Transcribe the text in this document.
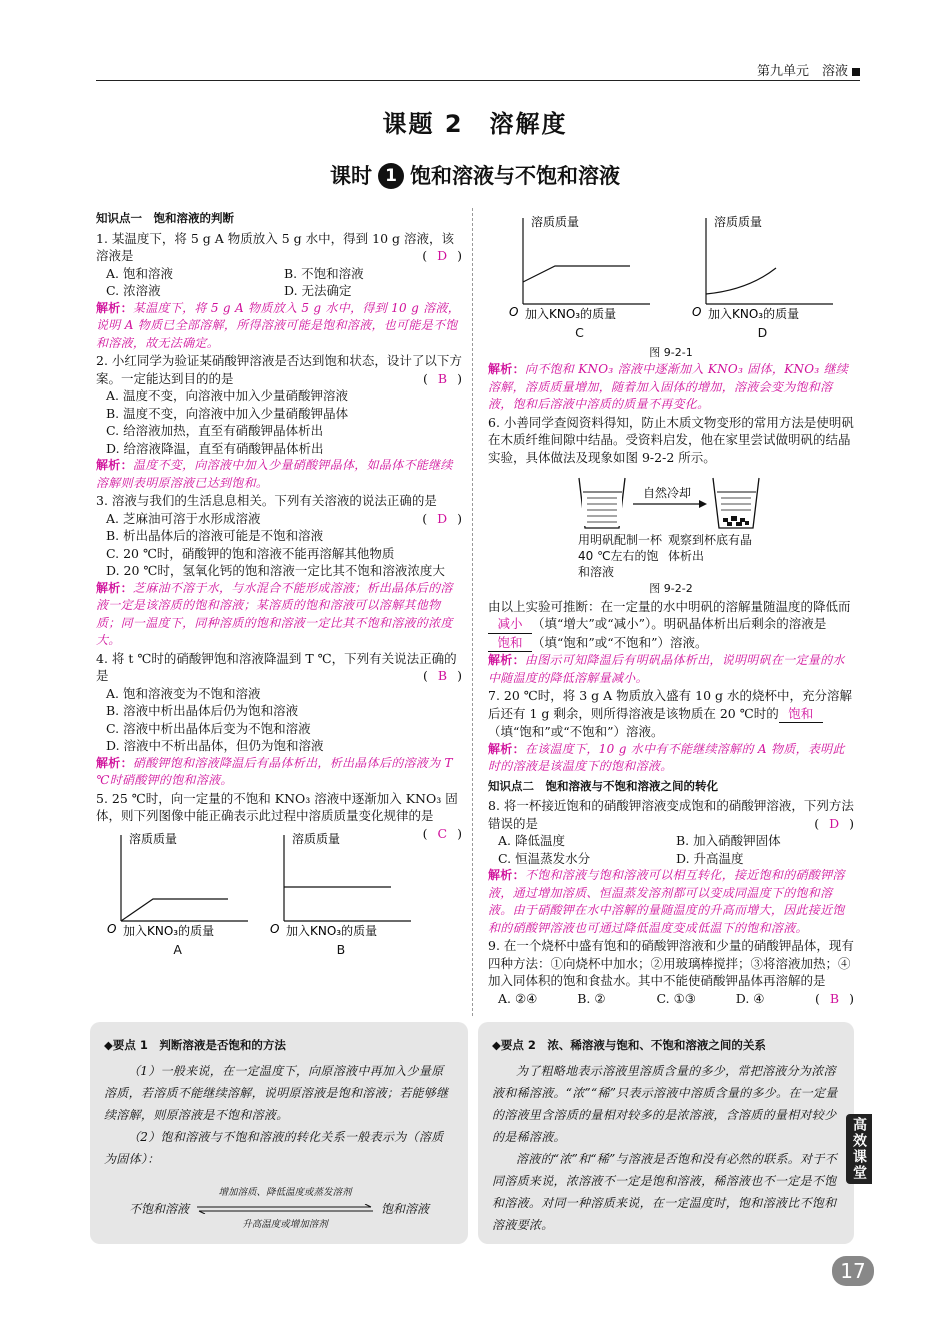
第九单元　 溶液
课题 2　溶解度
课时 1 饱和溶液与不饱和溶液
知识点一　饱和溶液的判断
1. 某温度下，将 5 g A 物质放入 5 g 水中，得到 10 g 溶液，该溶液是	( D )
A. 饱和溶液	B. 不饱和溶液
C. 浓溶液	D. 无法确定
解析：某温度下，将 5 g A 物质放入 5 g 水中，得到 10 g 溶液，说明 A 物质已全部溶解，所得溶液可能是饱和溶液，也可能是不饱和溶液，故无法确定。
2. 小红同学为验证某硝酸钾溶液是否达到饱和状态，设计了以下方案。一定能达到目的的是	( B )
A. 温度不变，向溶液中加入少量硝酸钾溶液
B. 温度不变，向溶液中加入少量硝酸钾晶体
C. 给溶液加热，直至有硝酸钾晶体析出
D. 给溶液降温，直至有硝酸钾晶体析出
解析：温度不变，向溶液中加入少量硝酸钾晶体，如晶体不能继续溶解则表明原溶液已达到饱和。
3. 溶液与我们的生活息息相关。下列有关溶液的说法正确的是
( D )
A. 芝麻油可溶于水形成溶液
B. 析出晶体后的溶液可能是不饱和溶液
C. 20 ℃时，硝酸钾的饱和溶液不能再溶解其他物质
D. 20 ℃时，氢氧化钙的饱和溶液一定比其不饱和溶液浓度大
解析：芝麻油不溶于水，与水混合不能形成溶液；析出晶体后的溶液一定是该溶质的饱和溶液；某溶质的饱和溶液可以溶解其他物质；同一温度下，同种溶质的饱和溶液一定比其不饱和溶液的浓度大。
4. 将 t ℃时的硝酸钾饱和溶液降温到 T ℃，下列有关说法正确的是	( B )
A. 饱和溶液变为不饱和溶液
B. 溶液中析出晶体后仍为饱和溶液
C. 溶液中析出晶体后变为不饱和溶液
D. 溶液中不析出晶体，但仍为饱和溶液
解析：硝酸钾饱和溶液降温后有晶体析出，析出晶体后的溶液为 T ℃时硝酸钾的饱和溶液。
5. 25 ℃时，向一定量的不饱和 KNO₃ 溶液中逐渐加入 KNO₃ 固体，则下列图像中能正确表示此过程中溶质质量变化规律的是
( C )
溶质质量
O 加入KNO₃的质量
A
溶质质量
O 加入KNO₃的质量
B
溶质质量
O 加入KNO₃的质量
C
溶质质量
O 加入KNO₃的质量
D
图 9-2-1
解析：向不饱和 KNO₃ 溶液中逐渐加入 KNO₃ 固体，KNO₃ 继续溶解，溶质质量增加，随着加入固体的增加，溶液会变为饱和溶液，饱和后溶液中溶质的质量不再变化。
6. 小善同学查阅资料得知，防止木质文物变形的常用方法是使明矾在木质纤维间隙中结晶。受资料启发，他在家里尝试做明矾的结晶实验，具体做法及现象如图 9-2-2 所示。
自然冷却
用明矾配制一杯 40 ℃左右的饱和溶液
观察到杯底有晶体析出
图 9-2-2
由以上实验可推断：在一定量的水中明矾的溶解量随温度的降低而减小 （填“增大”或“减小”）。明矾晶体析出后剩余的溶液是饱和 （填“饱和”或“不饱和”）溶液。
解析：由图示可知降温后有明矾晶体析出，说明明矾在一定量的水中随温度的降低溶解量减小。
7. 20 ℃时，将 3 g A 物质放入盛有 10 g 水的烧杯中，充分溶解后还有 1 g 剩余，则所得溶液是该物质在 20 ℃时的 饱和（填“饱和”或“不饱和”）溶液。
解析：在该温度下，10 g 水中有不能继续溶解的 A 物质，表明此时的溶液是该温度下的饱和溶液。
知识点二　饱和溶液与不饱和溶液之间的转化
8. 将一杯接近饱和的硝酸钾溶液变成饱和的硝酸钾溶液，下列方法错误的是	( D )
A. 降低温度	B. 加入硝酸钾固体
C. 恒温蒸发水分	D. 升高温度
解析：不饱和溶液与饱和溶液可以相互转化，接近饱和的硝酸钾溶液，通过增加溶质、恒温蒸发溶剂都可以变成同温度下的饱和溶液。由于硝酸钾在水中溶解的量随温度的升高而增大，因此接近饱和的硝酸钾溶液也可通过降低温度变成低温下的饱和溶液。
9. 在一个烧杯中盛有饱和的硝酸钾溶液和少量的硝酸钾晶体，现有四种方法：①向烧杯中加水；②用玻璃棒搅拌；③将溶液加热；④加入同体积的饱和食盐水。其中不能使硝酸钾晶体再溶解的是
( B )
A. ②④	B. ②	C. ①③	D. ④
◆要点 1　判断溶液是否饱和的方法

（1）一般来说，在一定温度下，向原溶液中再加入少量原溶质，若溶质不能继续溶解，说明原溶液是饱和溶液；若能够继续溶解，则原溶液是不饱和溶液。

（2）饱和溶液与不饱和溶液的转化关系一般表示为（溶质为固体）：

不饱和溶液
增加溶质、降低温度或蒸发溶剂
升高温度或增加溶剂
饱和溶液
◆要点 2　浓、稀溶液与饱和、不饱和溶液之间的关系

为了粗略地表示溶液里溶质含量的多少，常把溶液分为浓溶液和稀溶液。“浓”“稀”只表示溶液中溶质含量的多少。在一定量的溶液里含溶质的量相对较多的是浓溶液，含溶质的量相对较少的是稀溶液。

溶液的“浓”和“稀”与溶液是否饱和没有必然的联系。对于不同溶质来说，浓溶液不一定是饱和溶液，稀溶液也不一定是不饱和溶液。对同一种溶质来说，在一定温度时，饱和溶液比不饱和溶液要浓。

高效课堂
17
